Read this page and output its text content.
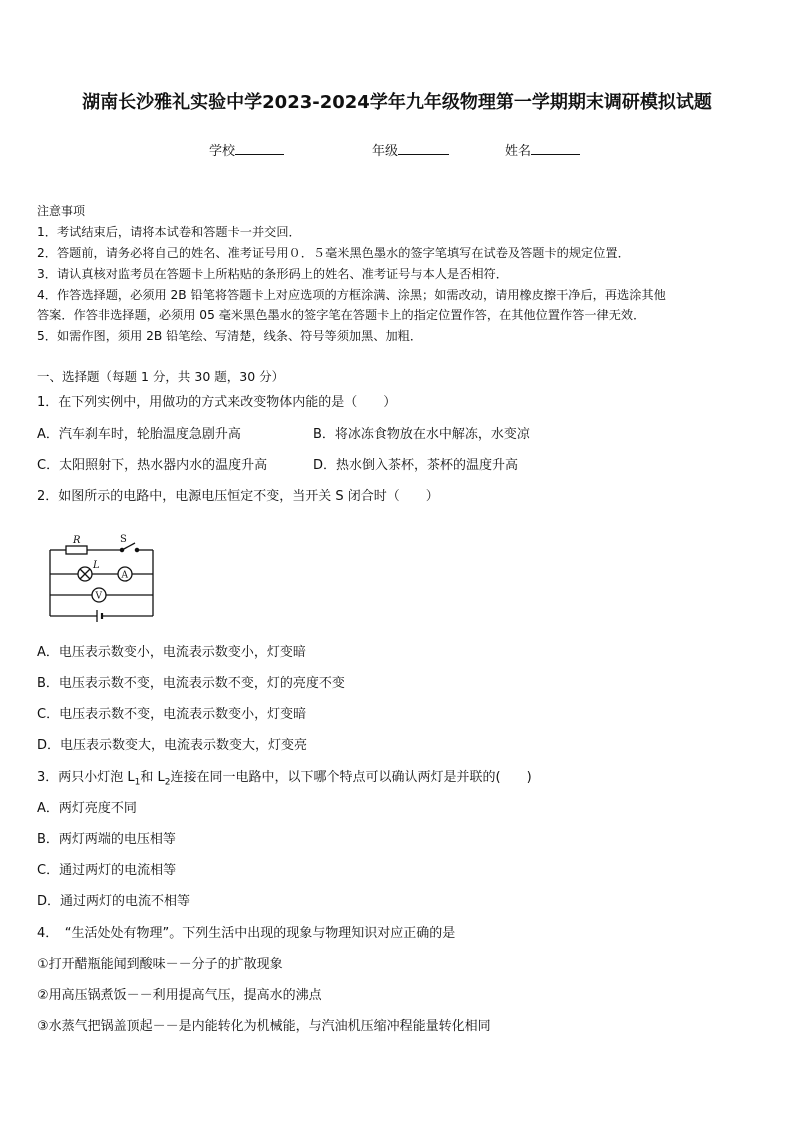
湖南长沙雅礼实验中学2023-2024学年九年级物理第一学期期末调研模拟试题
学校	年级	姓名
注意事项
1．考试结束后，请将本试卷和答题卡一并交回．
2．答题前，请务必将自己的姓名、准考证号用０．５毫米黑色墨水的签字笔填写在试卷及答题卡的规定位置．
3．请认真核对监考员在答题卡上所粘贴的条形码上的姓名、准考证号与本人是否相符．
4．作答选择题，必须用 2B 铅笔将答题卡上对应选项的方框涂满、涂黑；如需改动，请用橡皮擦干净后，再选涂其他
答案．作答非选择题，必须用 05 毫米黑色墨水的签字笔在答题卡上的指定位置作答，在其他位置作答一律无效．
5．如需作图，须用 2B 铅笔绘、写清楚，线条、符号等须加黑、加粗．
一、选择题（每题 1 分，共 30 题，30 分）
1．在下列实例中，用做功的方式来改变物体内能的是（　　）
A．汽车刹车时，轮胎温度急剧升高	B．将冰冻食物放在水中解冻，水变凉
C．太阳照射下，热水器内水的温度升高	D．热水倒入茶杯，茶杯的温度升高
2．如图所示的电路中，电源电压恒定不变，当开关 S 闭合时（　　）
R	S
L
A
V
A．电压表示数变小，电流表示数变小，灯变暗
B．电压表示数不变，电流表示数不变，灯的亮度不变
C．电压表示数不变，电流表示数变小，灯变暗
D．电压表示数变大，电流表示数变大，灯变亮
3．两只小灯泡 $L_1$和 $L_2$连接在同一电路中，以下哪个特点可以确认两灯是并联的(　　)
A．两灯亮度不同
B．两灯两端的电压相等
C．通过两灯的电流相等
D．通过两灯的电流不相等
4．　“生活处处有物理”。下列生活中出现的现象与物理知识对应正确的是
①打开醋瓶能闻到酸味－－分子的扩散现象
②用高压锅煮饭－－利用提高气压，提高水的沸点
③水蒸气把锅盖顶起－－是内能转化为机械能，与汽油机压缩冲程能量转化相同
